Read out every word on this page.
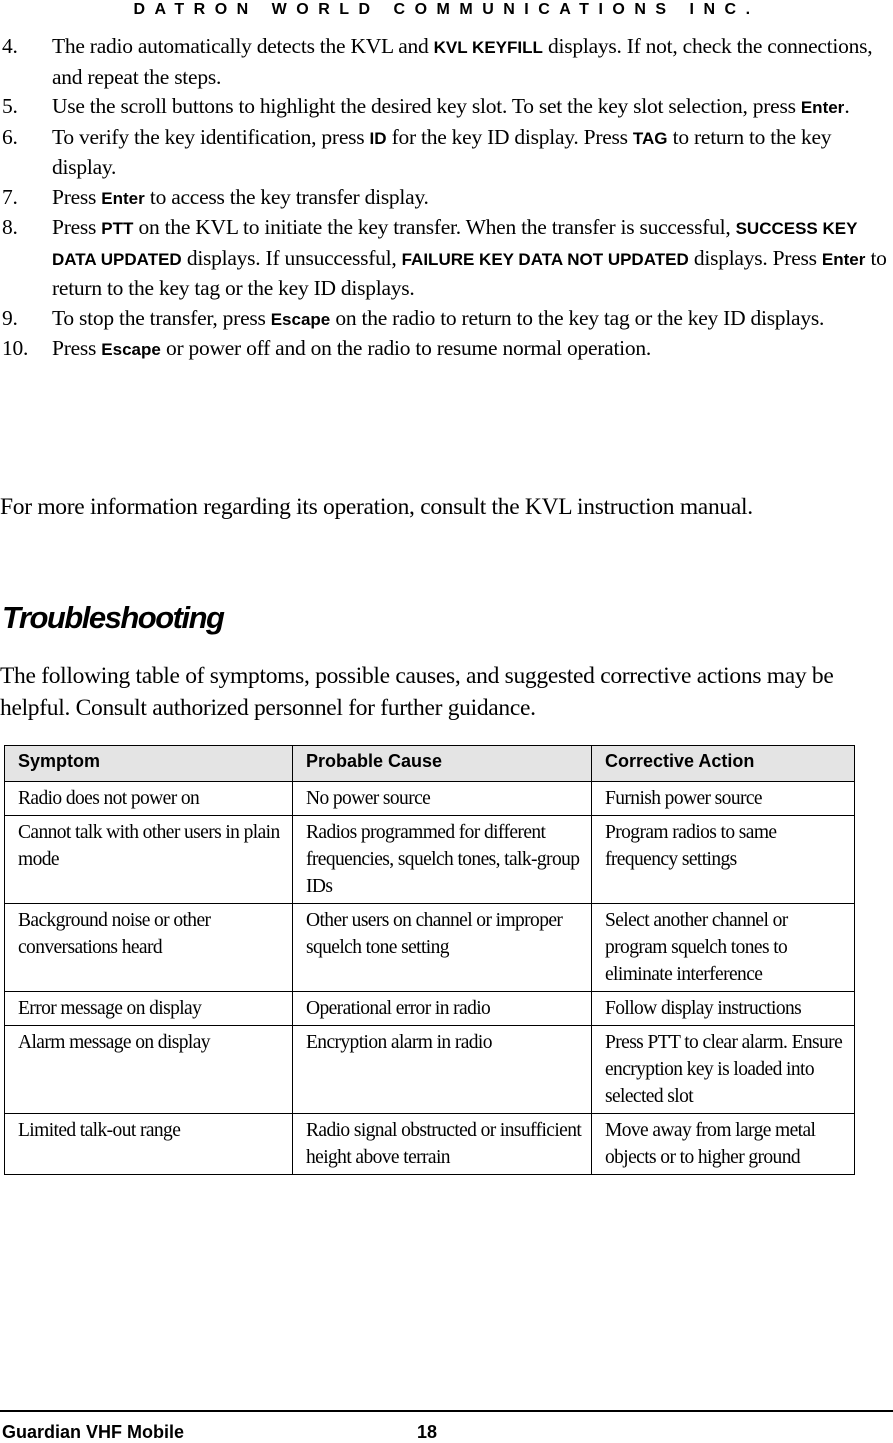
DATRON WORLD COMMUNICATIONS INC.
4. The radio automatically detects the KVL and KVL KEYFILL displays. If not, check the connections, and repeat the steps.
5. Use the scroll buttons to highlight the desired key slot. To set the key slot selection, press Enter.
6. To verify the key identification, press ID for the key ID display. Press TAG to return to the key display.
7. Press Enter to access the key transfer display.
8. Press PTT on the KVL to initiate the key transfer. When the transfer is successful, SUCCESS KEY DATA UPDATED displays. If unsuccessful, FAILURE KEY DATA NOT UPDATED displays. Press Enter to return to the key tag or the key ID displays.
9. To stop the transfer, press Escape on the radio to return to the key tag or the key ID displays.
10. Press Escape or power off and on the radio to resume normal operation.

For more information regarding its operation, consult the KVL instruction manual.

Troubleshooting

The following table of symptoms, possible causes, and suggested corrective actions may be helpful. Consult authorized personnel for further guidance.

Symptom	Probable Cause	Corrective Action
Radio does not power on	No power source	Furnish power source
Cannot talk with other users in plain mode	Radios programmed for different frequencies, squelch tones, talk-group IDs	Program radios to same frequency settings
Background noise or other conversations heard	Other users on channel or improper squelch tone setting	Select another channel or program squelch tones to eliminate interference
Error message on display	Operational error in radio	Follow display instructions
Alarm message on display	Encryption alarm in radio	Press PTT to clear alarm. Ensure encryption key is loaded into selected slot
Limited talk-out range	Radio signal obstructed or insufficient height above terrain	Move away from large metal objects or to higher ground
Guardian VHF Mobile	18
